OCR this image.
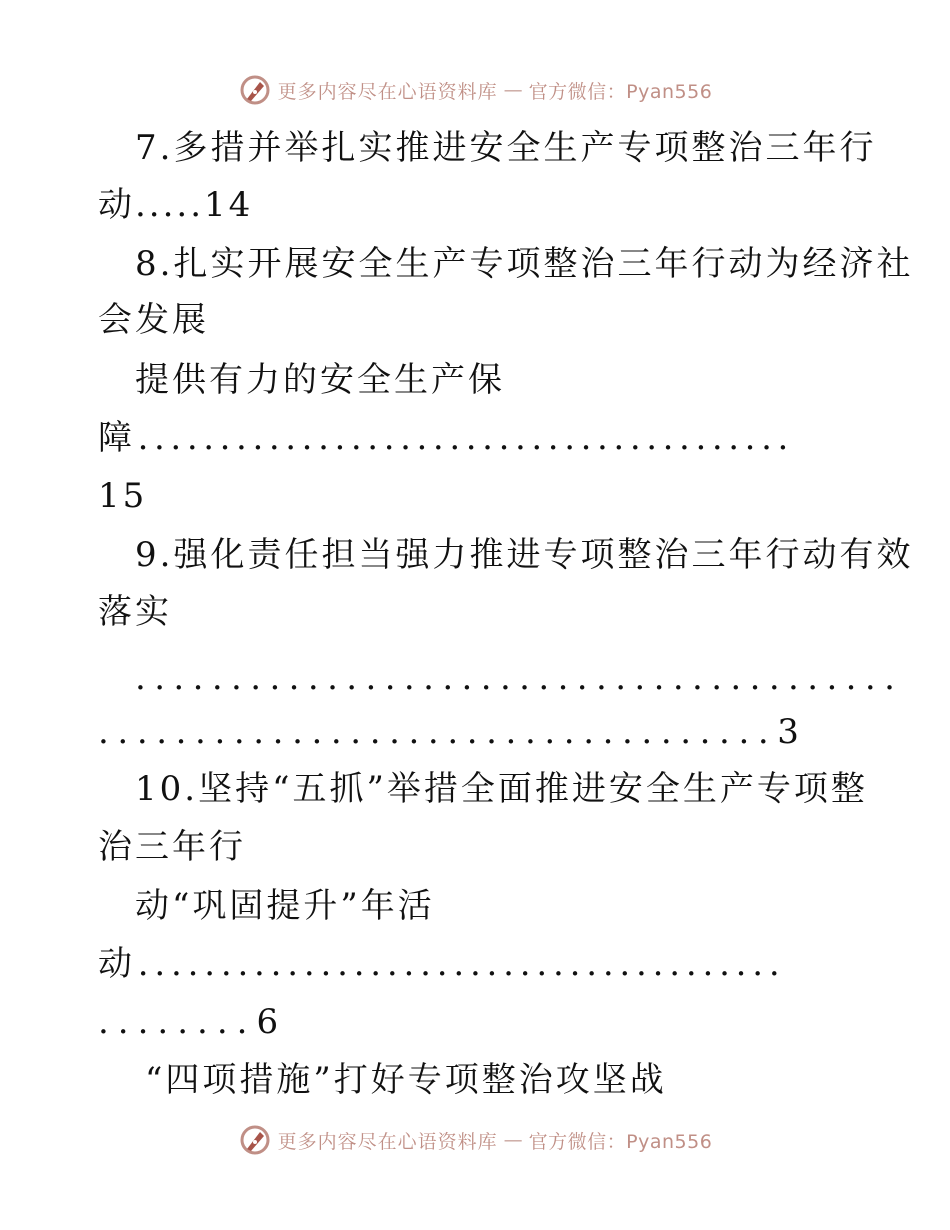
更多内容尽在心语资料库 — 官方微信：Pyan556
7.多措并举扎实推进安全生产专项整治三年行
动.....14
8.扎实开展安全生产专项整治三年行动为经济社
会发展
提供有力的安全生产保
障........................................
15
9.强化责任担当强力推进专项整治三年行动有效
落实
........................................
...................................3
10.坚持“五抓”举措全面推进安全生产专项整
治三年行
动“巩固提升”年活
动.......................................
........6
“四项措施”打好专项整治攻坚战
更多内容尽在心语资料库 — 官方微信：Pyan556
